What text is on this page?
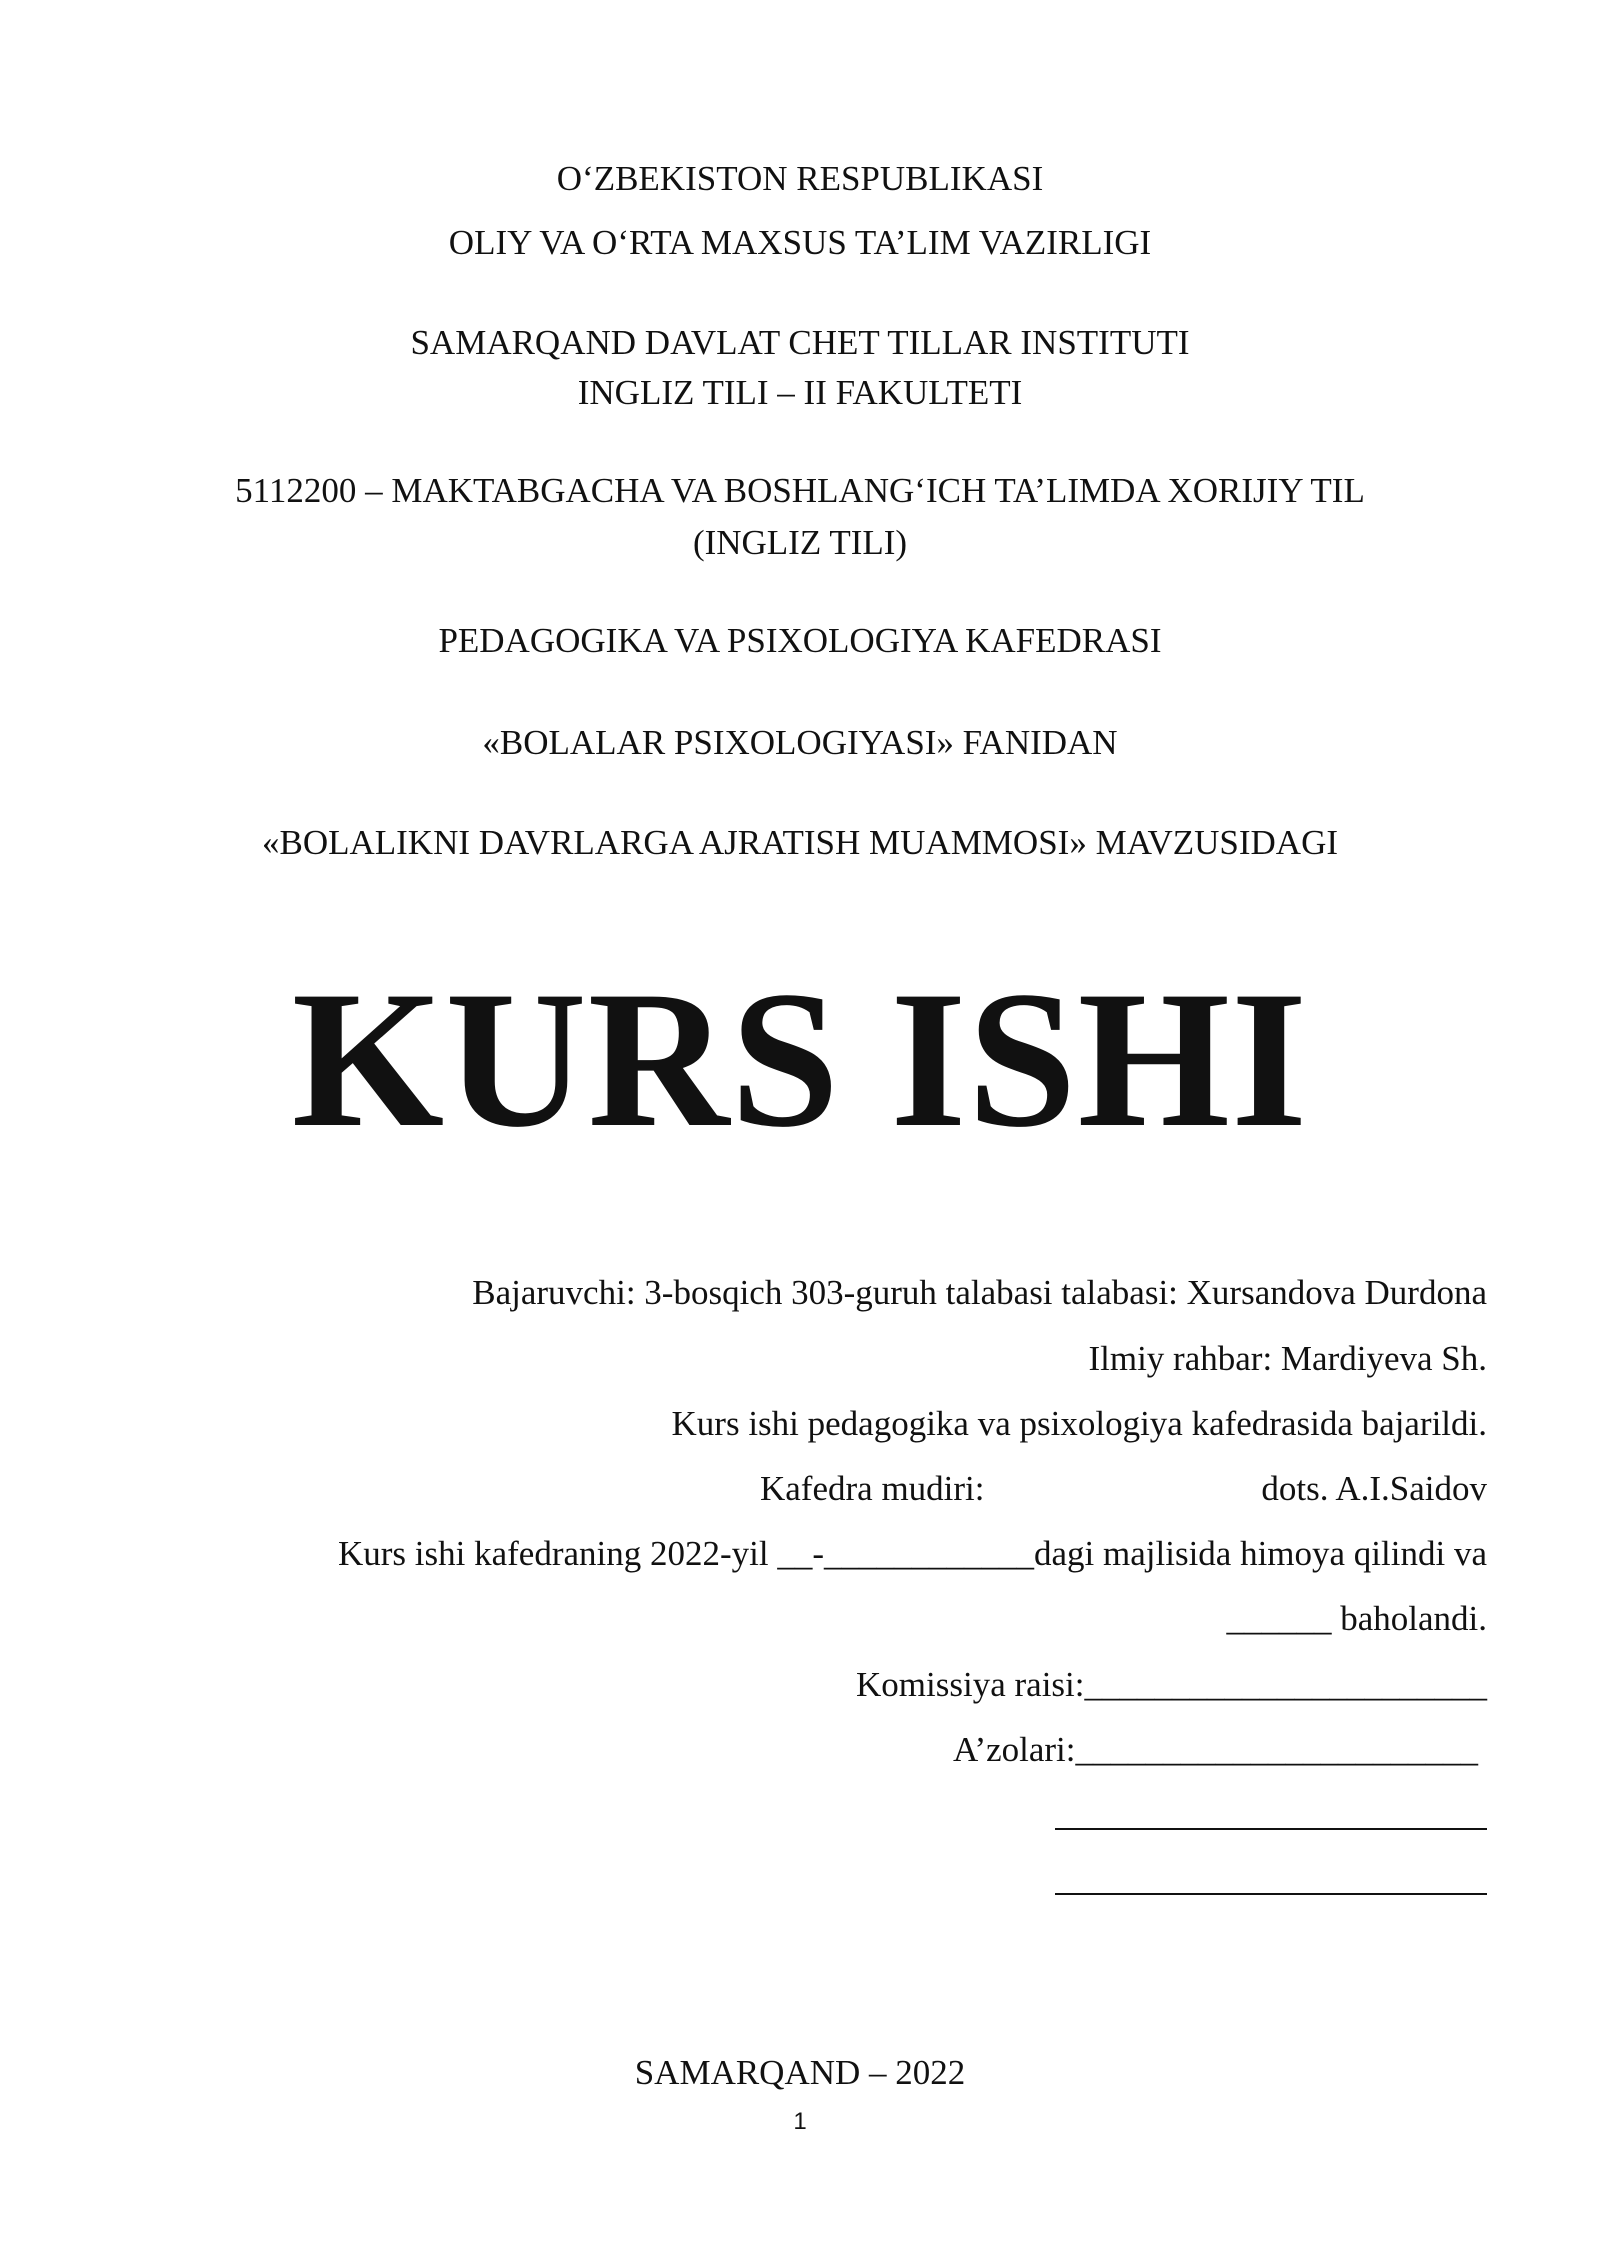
O‘ZBEKISTON RESPUBLIKASI
OLIY VA O‘RTA MAXSUS TA’LIM VAZIRLIGI
SAMARQAND DAVLAT CHET TILLAR INSTITUTI
INGLIZ TILI – II FAKULTETI
5112200 – MAKTABGACHA VA BOSHLANG‘ICH TA’LIMDA XORIJIY TIL
(INGLIZ TILI)
PEDAGOGIKA VA PSIXOLOGIYA KAFEDRASI
«BOLALAR PSIXOLOGIYASI» FANIDAN
«BOLALIKNI DAVRLARGA AJRATISH MUAMMOSI» MAVZUSIDAGI
KURS ISHI
Bajaruvchi: 3-bosqich 303-guruh talabasi talabasi: Xursandova Durdona
Ilmiy rahbar: Mardiyeva Sh.
Kurs ishi pedagogika va psixologiya kafedrasida bajarildi.
Kafedra mudiri:	dots. A.I.Saidov
Kurs ishi kafedraning 2022-yil __-____________dagi majlisida himoya qilindi va
______ baholandi.
Komissiya raisi:_______________________
A’zolari:_______________________
SAMARQAND – 2022
1
